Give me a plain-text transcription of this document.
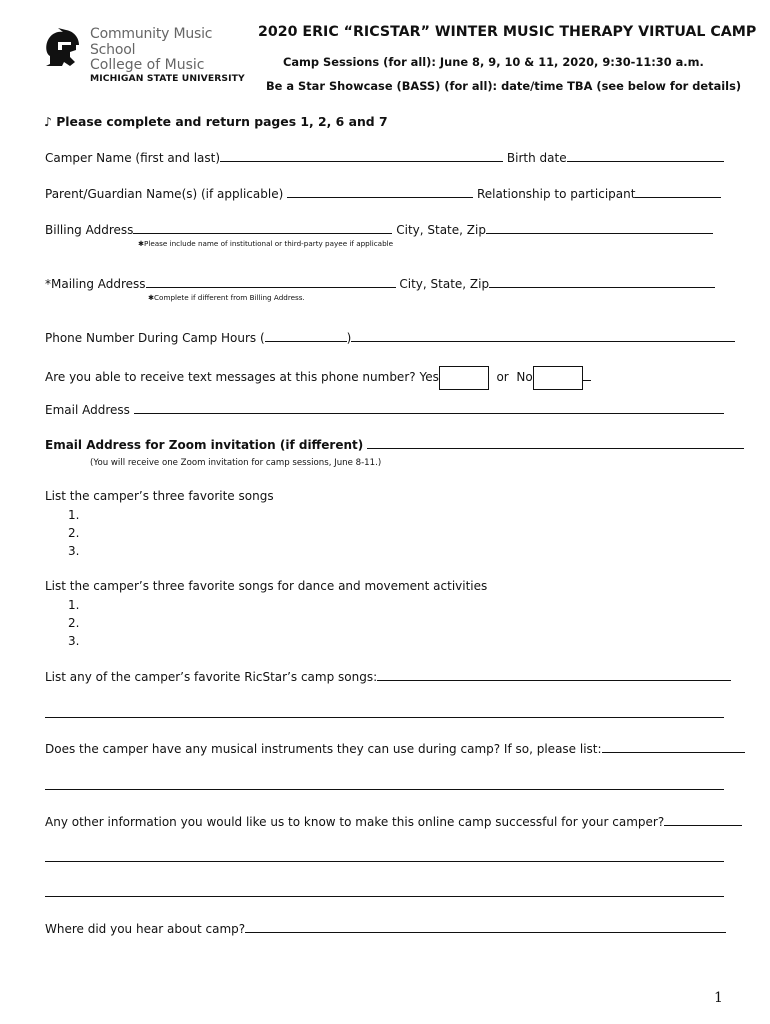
Community Music School
College of Music
MICHIGAN STATE UNIVERSITY
2020 ERIC “RICSTAR” WINTER MUSIC THERAPY VIRTUAL CAMP
Camp Sessions (for all): June 8, 9, 10 & 11, 2020, 9:30-11:30 a.m.
Be a Star Showcase (BASS) (for all): date/time TBA (see below for details)
♪ Please complete and return pages 1, 2, 6 and 7
Camper Name (first and last)	Birth date
Parent/Guardian Name(s) (if applicable)	Relationship to participant
Billing Address	City, State, Zip
✱Please include name of institutional or third-party payee if applicable
*Mailing Address	City, State, Zip
✱Complete if different from Billing Address.
Phone Number During Camp Hours (	)
Are you able to receive text messages at this phone number? Yes	or No
Email Address
Email Address for Zoom invitation (if different)
(You will receive one Zoom invitation for camp sessions, June 8-11.)
List the camper’s three favorite songs
1.
2.
3.
List the camper’s three favorite songs for dance and movement activities
1.
2.
3.
List any of the camper’s favorite RicStar’s camp songs:
Does the camper have any musical instruments they can use during camp? If so, please list:
Any other information you would like us to know to make this online camp successful for your camper?
Where did you hear about camp?
1
